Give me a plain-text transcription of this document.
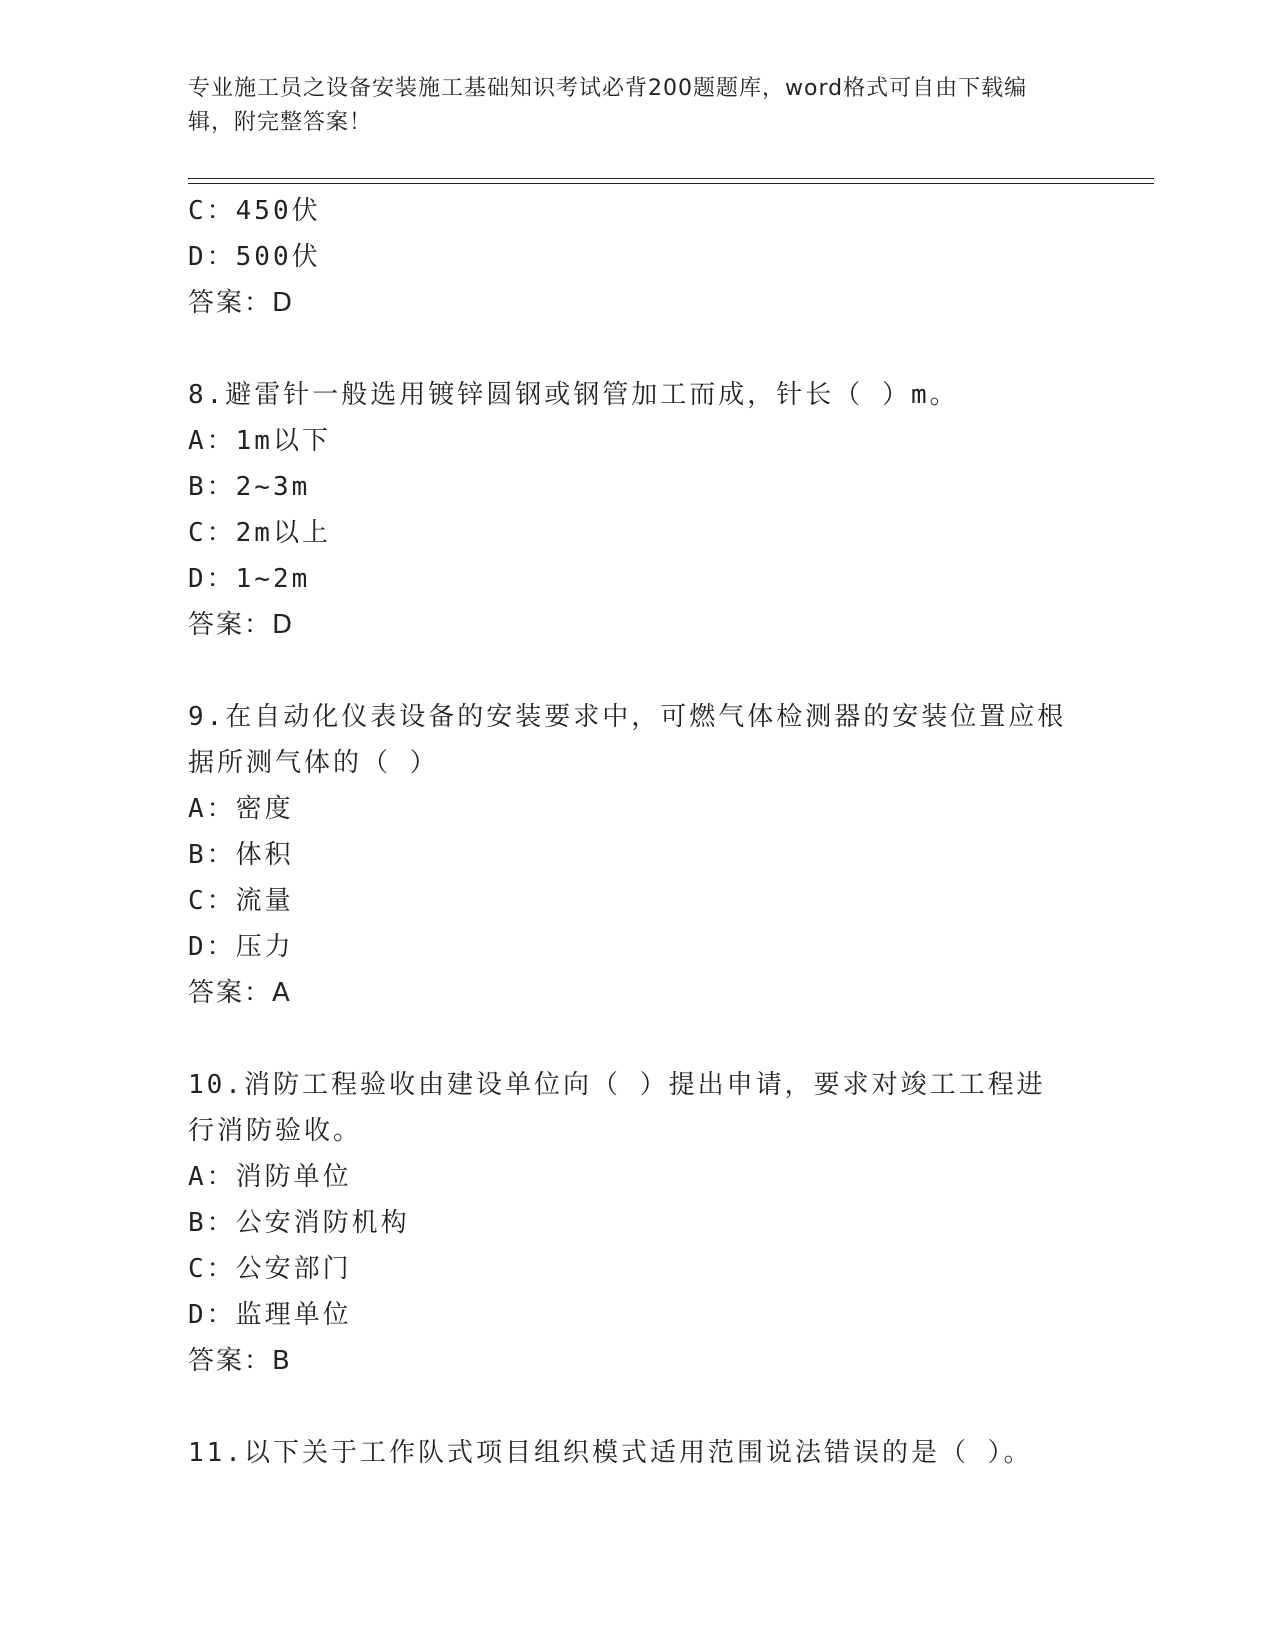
专业施工员之设备安装施工基础知识考试必背200题题库，word格式可自由下载编辑，附完整答案！
C：450伏
D：500伏
答案：D
8.避雷针一般选用镀锌圆钢或钢管加工而成，针长（ ）m。
A：1m以下
B：2~3m
C：2m以上
D：1~2m
答案：D
9.在自动化仪表设备的安装要求中，可燃气体检测器的安装位置应根据所测气体的（ ）
A：密度
B：体积
C：流量
D：压力
答案：A
10.消防工程验收由建设单位向（ ）提出申请，要求对竣工工程进行消防验收。
A：消防单位
B：公安消防机构
C：公安部门
D：监理单位
答案：B
11.以下关于工作队式项目组织模式适用范围说法错误的是（ ）。
